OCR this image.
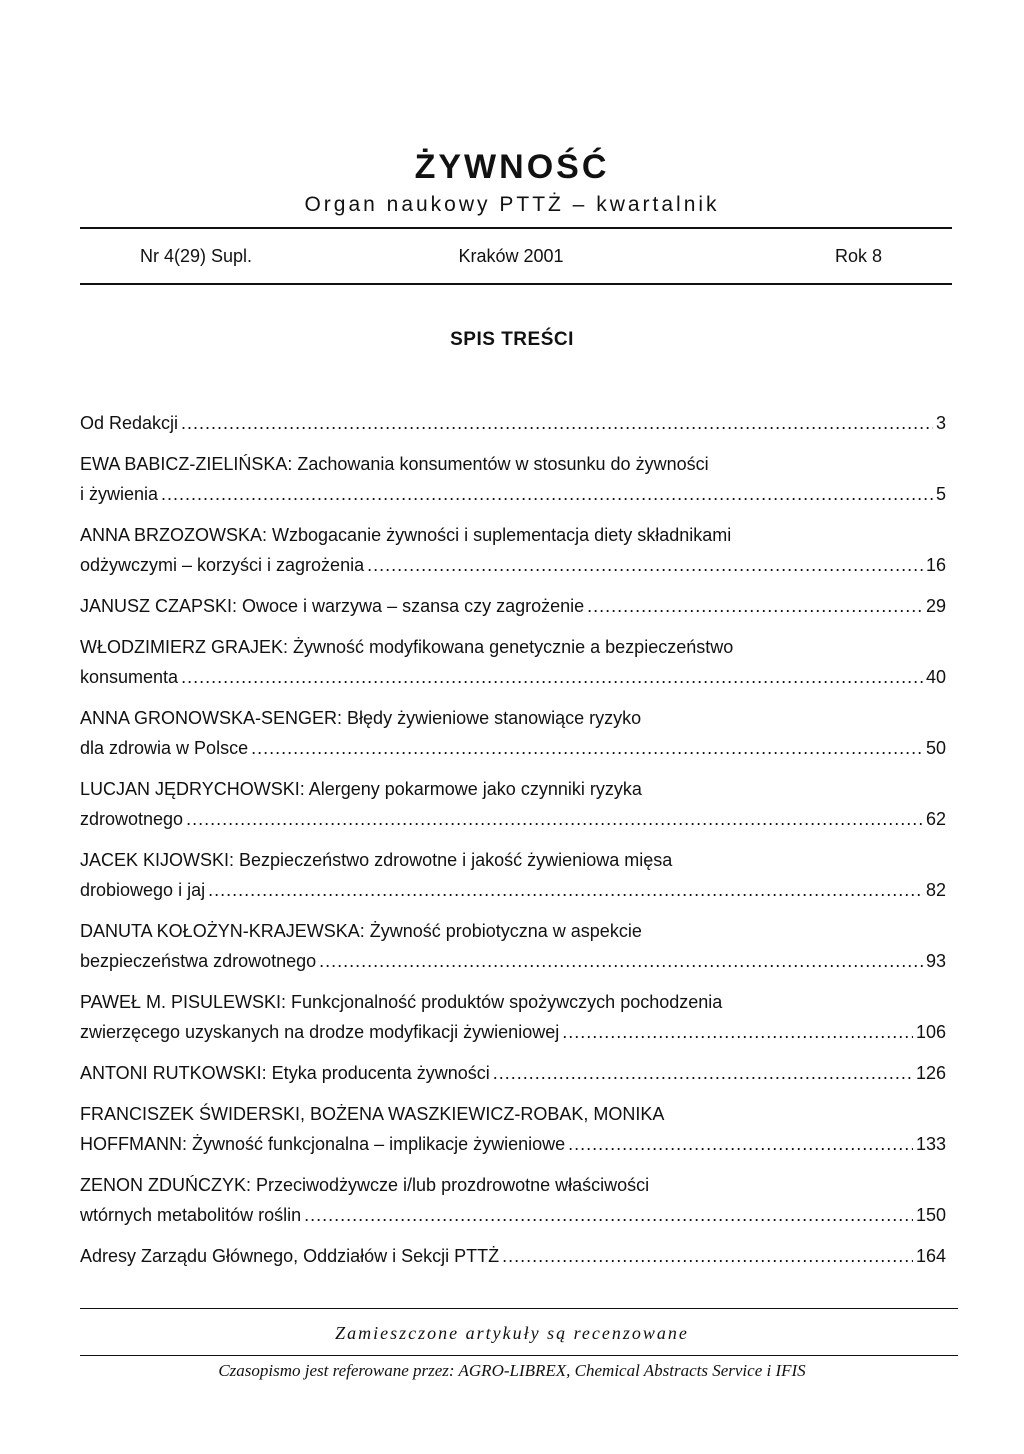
ŻYWNOŚĆ
Organ naukowy PTTŻ – kwartalnik
Kraków 2001
Nr 4(29) Supl.	Rok 8
SPIS TREŚCI
Od Redakcji .....	3
EWA BABICZ-ZIELIŃSKA: Zachowania konsumentów w stosunku do żywności
i żywienia .....	5
ANNA BRZOZOWSKA: Wzbogacanie żywności i suplementacja diety składnikami
odżywczymi – korzyści i zagrożenia .....	16
JANUSZ CZAPSKI: Owoce i warzywa – szansa czy zagrożenie .....	29
WŁODZIMIERZ GRAJEK: Żywność modyfikowana genetycznie a bezpieczeństwo
konsumenta .....	40
ANNA GRONOWSKA-SENGER: Błędy żywieniowe stanowiące ryzyko
dla zdrowia w Polsce .....	50
LUCJAN JĘDRYCHOWSKI: Alergeny pokarmowe jako czynniki ryzyka
zdrowotnego .....	62
JACEK KIJOWSKI: Bezpieczeństwo zdrowotne i jakość żywieniowa mięsa
drobiowego i jaj .....	82
DANUTA KOŁOŻYN-KRAJEWSKA: Żywność probiotyczna w aspekcie
bezpieczeństwa zdrowotnego .....	93
PAWEŁ M. PISULEWSKI: Funkcjonalność produktów spożywczych pochodzenia
zwierzęcego uzyskanych na drodze modyfikacji żywieniowej .....	106
ANTONI RUTKOWSKI: Etyka producenta żywności .....	126
FRANCISZEK ŚWIDERSKI, BOŻENA WASZKIEWICZ-ROBAK, MONIKA
HOFFMANN: Żywność funkcjonalna – implikacje żywieniowe .....	133
ZENON ZDUŃCZYK: Przeciwodżywcze i/lub prozdrowotne właściwości
wtórnych metabolitów roślin .....	150
Adresy Zarządu Głównego, Oddziałów i Sekcji PTTŻ .....	164
Zamieszczone artykuły są recenzowane
Czasopismo jest referowane przez: AGRO-LIBREX, Chemical Abstracts Service i IFIS
